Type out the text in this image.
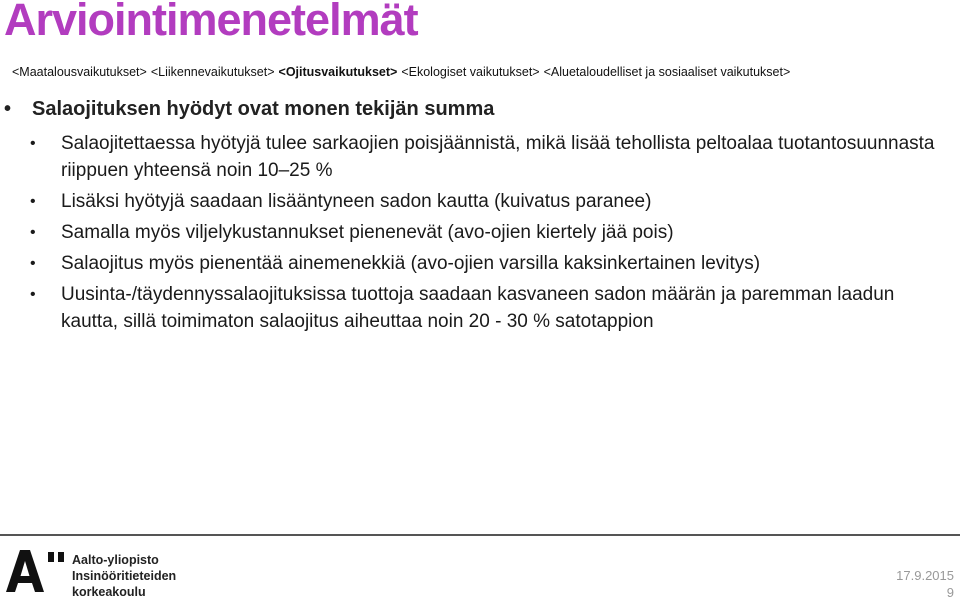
Arviointimenetelmät
<Maatalousvaikutukset> <Liikennevaikutukset> <Ojitusvaikutukset> <Ekologiset vaikutukset> <Aluetaloudelliset ja sosiaaliset vaikutukset>
• Salaojituksen hyödyt ovat monen tekijän summa
• Salaojitettaessa hyötyjä tulee sarkaojien poisjäännistä, mikä lisää tehollista peltoalaa tuotantosuunnasta riippuen yhteensä noin 10–25 %
• Lisäksi hyötyjä saadaan lisääntyneen sadon kautta (kuivatus paranee)
• Samalla myös viljelykustannukset pienenevät (avo-ojien kiertely jää pois)
• Salaojitus myös pienentää ainemenekkiä (avo-ojien varsilla kaksinkertainen levitys)
• Uusinta-/täydennyssalaojituksissa tuottoja saadaan kasvaneen sadon määrän ja paremman laadun kautta, sillä toimimaton salaojitus aiheuttaa noin 20 - 30 % satotappion
Aalto-yliopisto
Insinööritieteiden
korkeakoulu
17.9.2015
9
